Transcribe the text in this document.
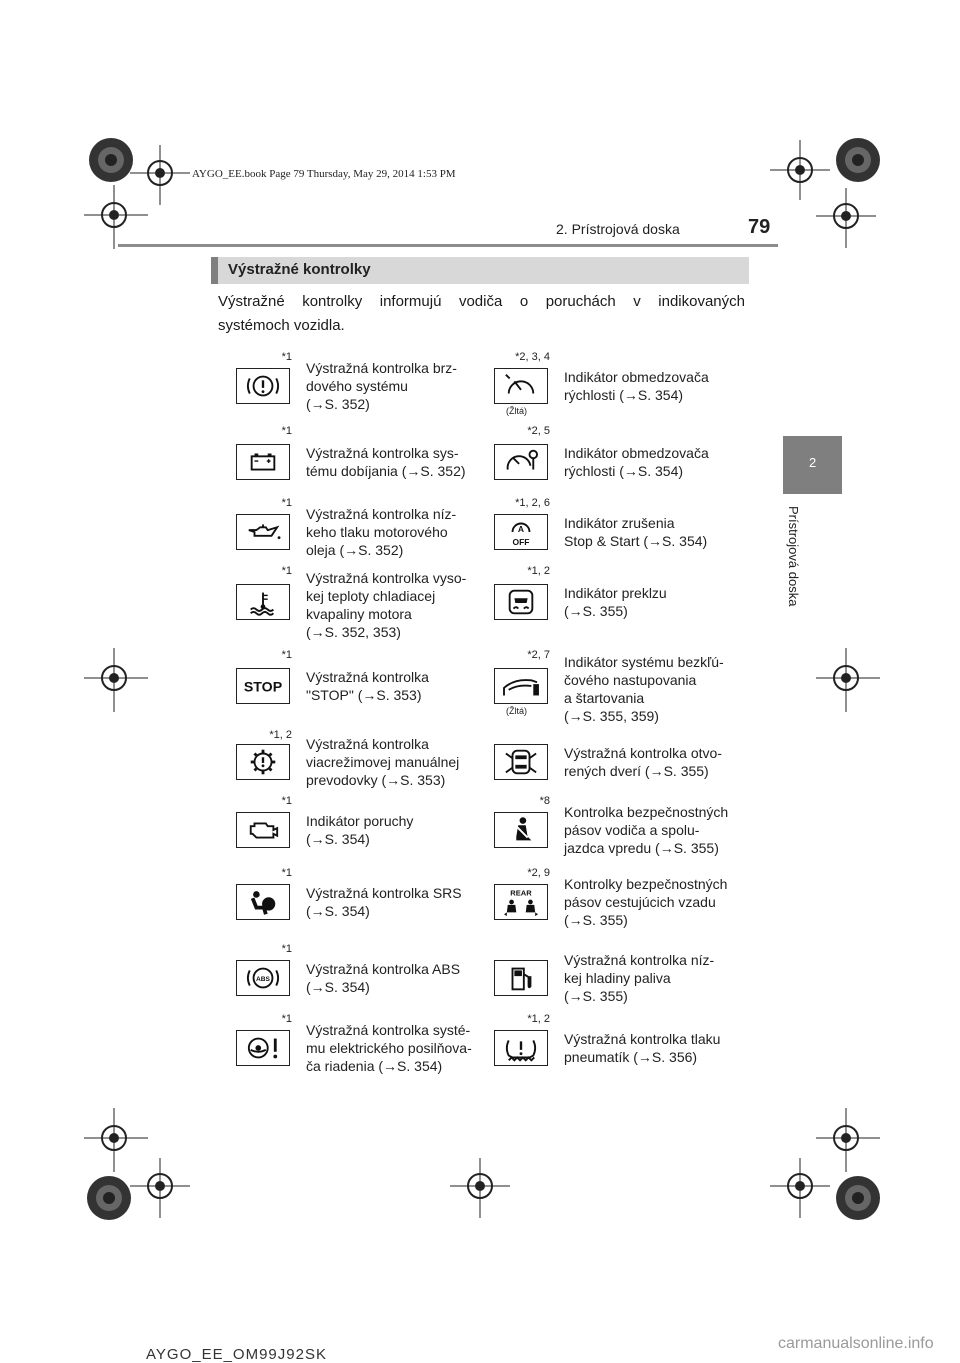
AYGO_EE.book Page 79 Thursday, May 29, 2014 1:53 PM
2. Prístrojová doska	79
2
Prístrojová doska
Výstražné kontrolky
Výstražné kontrolky informujú vodiča o poruchách v indikovaných
systémoch vozidla.
*1
Výstražná kontrolka brz-
dového systému
(→S. 352)
*2, 3, 4
(Žltá)
Indikátor obmedzovača
rýchlosti (→S. 354)
*1
Výstražná kontrolka sys-
tému dobíjania (→S. 352)
*2, 5
Indikátor obmedzovača
rýchlosti (→S. 354)
*1
Výstražná kontrolka níz-
keho tlaku motorového
oleja (→S. 352)
A
OFF
*1, 2, 6
Indikátor zrušenia
Stop & Start (→S. 354)
*1 Výstražná kontrolka vyso-
kej teploty chladiacej
kvapaliny motora
(→S. 352, 353)
*1, 2
Indikátor preklzu
(→S. 355)
STOP
*1
Výstražná kontrolka
"STOP" (→S. 353)
*2, 7
(Žltá)
Indikátor systému bezkľú-
čového nastupovania
a štartovania
(→S. 355, 359)
*1, 2
Výstražná kontrolka
viacrežimovej manuálnej
prevodovky (→S. 353)
Výstražná kontrolka otvo-
rených dverí (→S. 355)
*1
Indikátor poruchy
(→S. 354)
*8
Kontrolka bezpečnostných
pásov vodiča a spolu-
jazdca vpredu (→S. 355)
*1
Výstražná kontrolka SRS
(→S. 354)
REAR
*2, 9
Kontrolky bezpečnostných
pásov cestujúcich vzadu
(→S. 355)
ABS
*1
Výstražná kontrolka ABS
(→S. 354)
Výstražná kontrolka níz-
kej hladiny paliva
(→S. 355)
*1
Výstražná kontrolka systé-
mu elektrického posilňova-
ča riadenia (→S. 354)
*1, 2
Výstražná kontrolka tlaku
pneumatík (→S. 356)
AYGO_EE_OM99J92SK
carmanualsonline.info
